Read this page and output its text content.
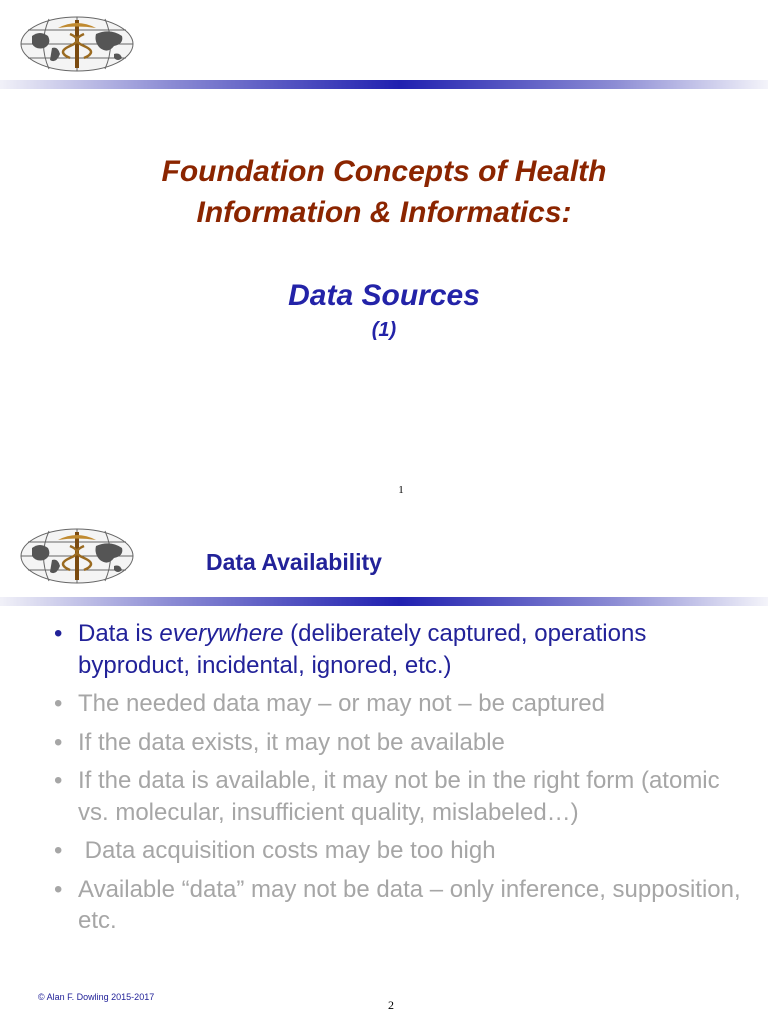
Foundation Concepts of Health
Information & Informatics:
Data Sources
(1)
1
Data Availability
• Data is everywhere (deliberately captured, operations byproduct, incidental, ignored, etc.)
• The needed data may – or may not – be captured
• If the data exists, it may not be available
• If the data is available, it may not be in the right form (atomic vs. molecular, insufficient quality, mislabeled…)
• Data acquisition costs may be too high
• Available “data” may not be data – only inference, supposition, etc.
© Alan F. Dowling 2015-2017
2
